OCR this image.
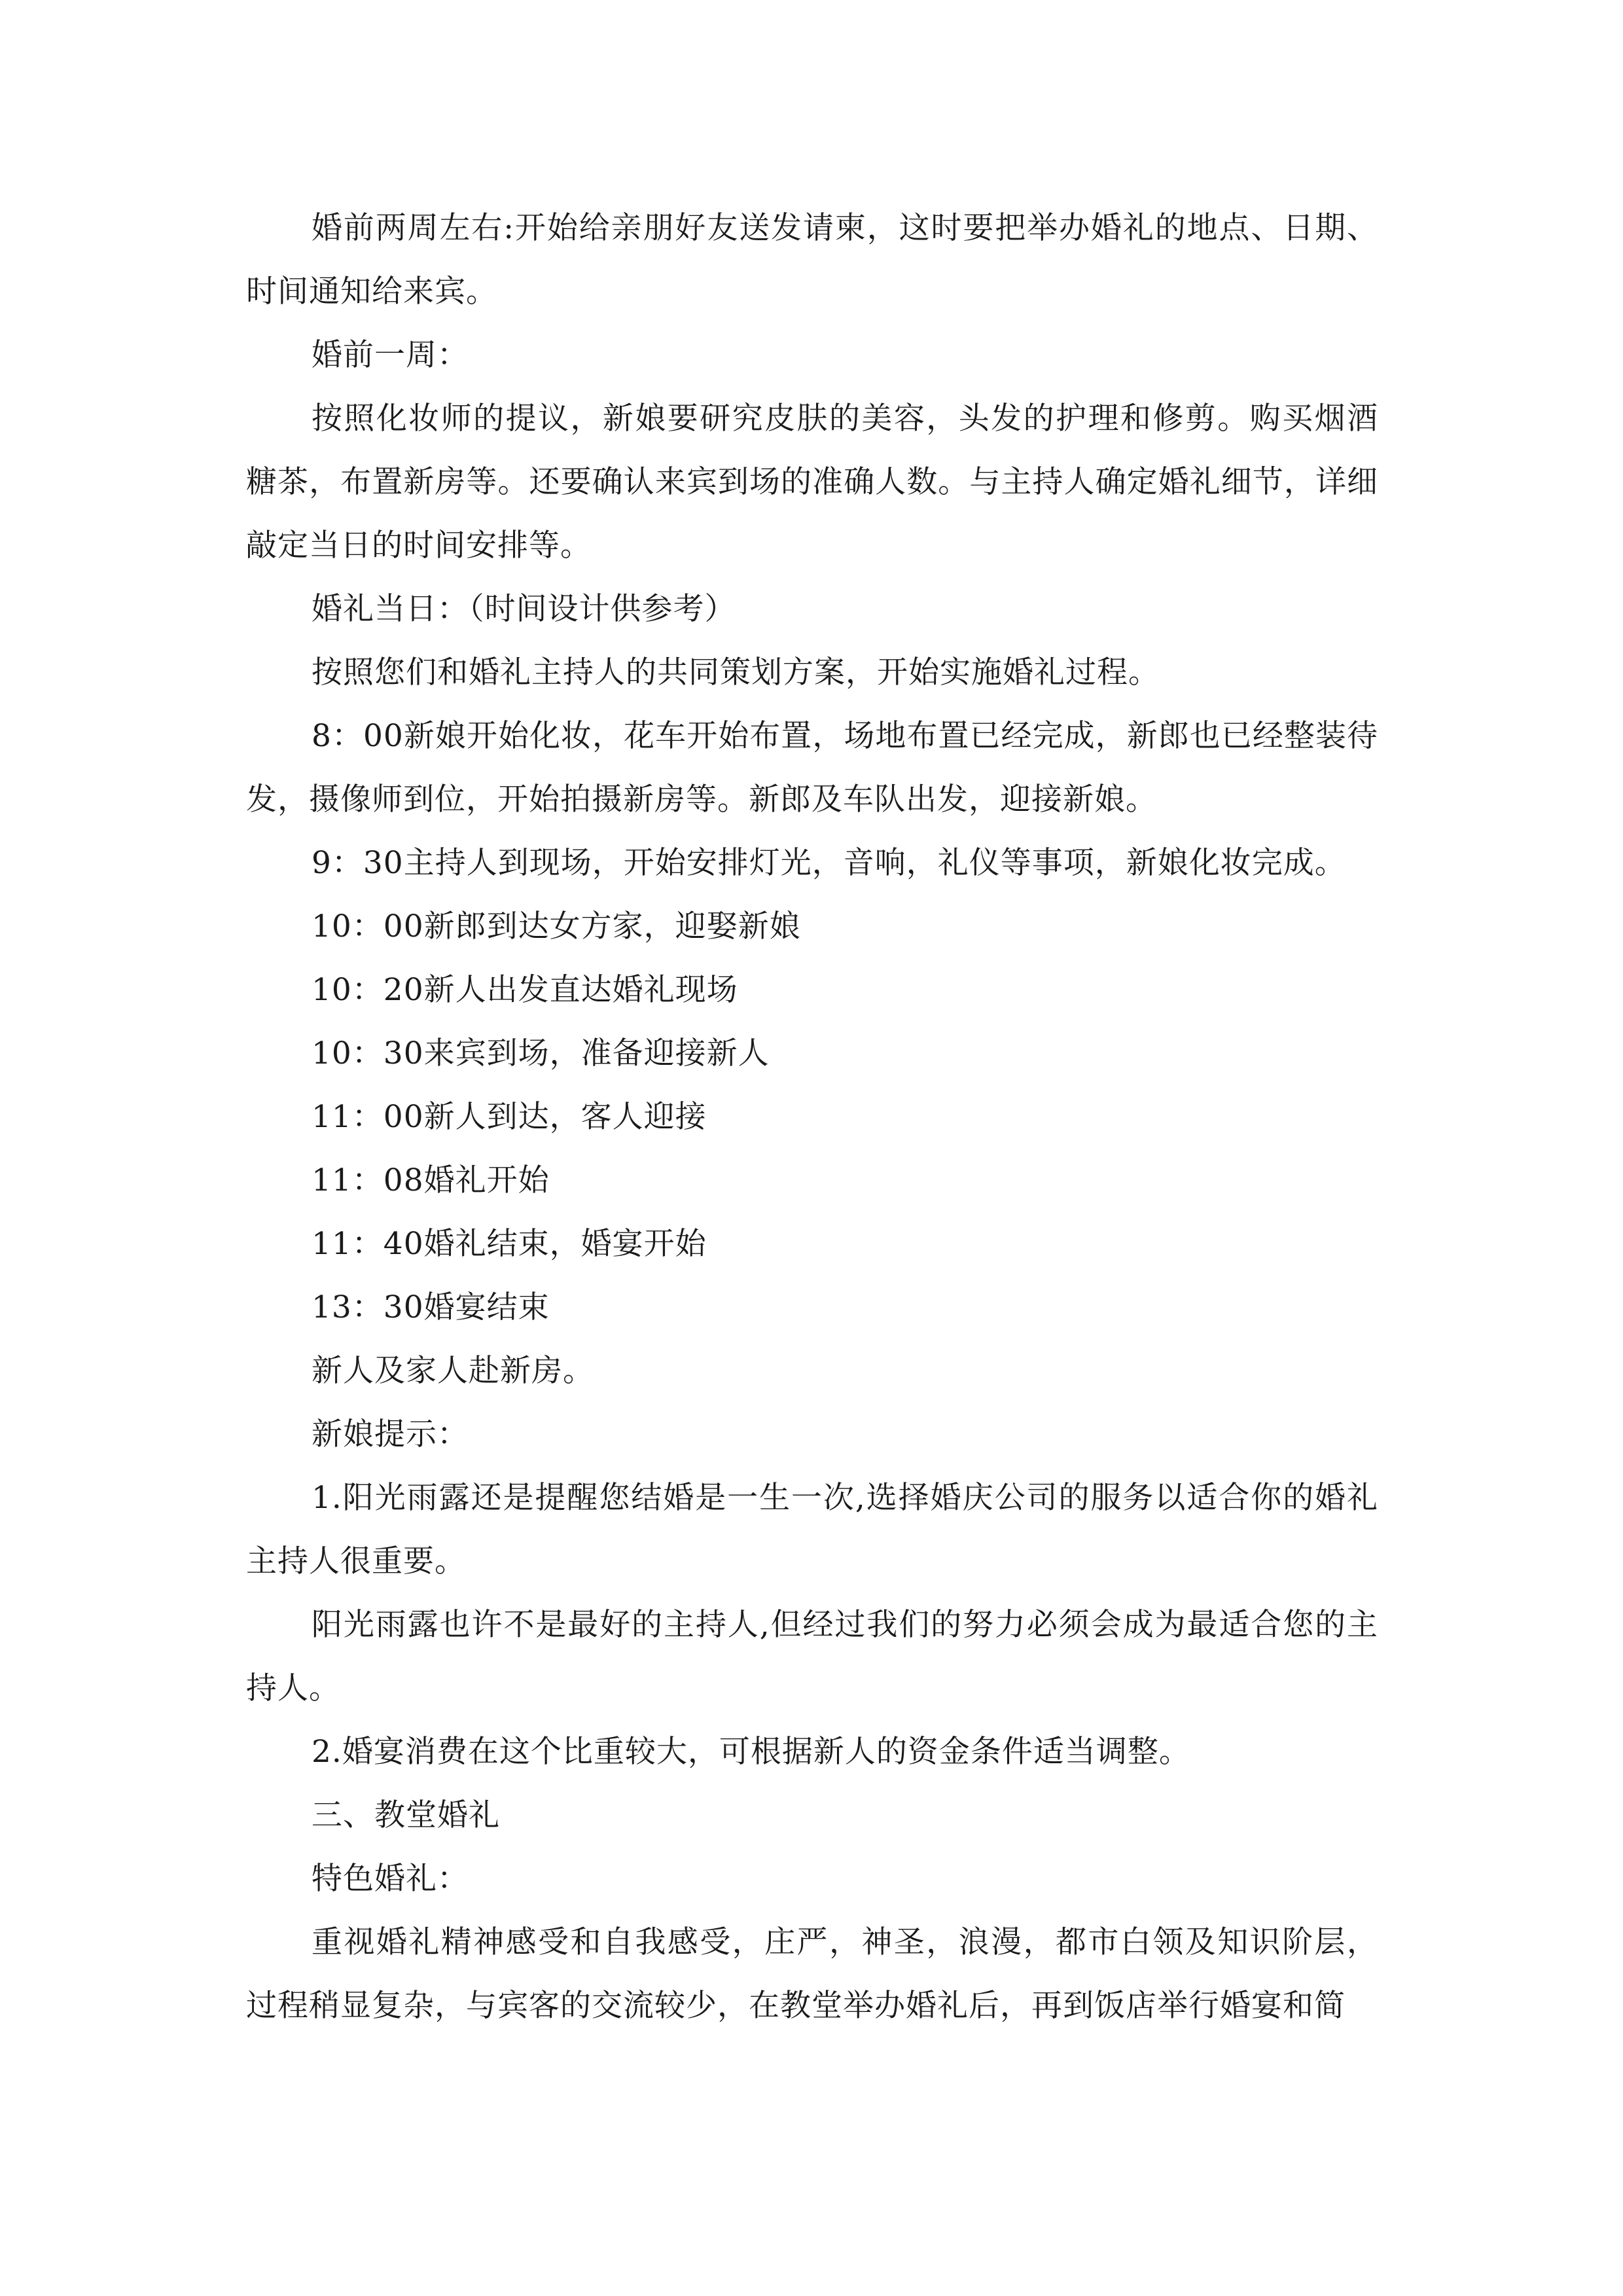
婚前两周左右:开始给亲朋好友送发请柬，这时要把举办婚礼的地点、日期、时间通知给来宾。

婚前一周：

按照化妆师的提议，新娘要研究皮肤的美容，头发的护理和修剪。购买烟酒糖茶，布置新房等。还要确认来宾到场的准确人数。与主持人确定婚礼细节，详细敲定当日的时间安排等。

婚礼当日：（时间设计供参考）

按照您们和婚礼主持人的共同策划方案，开始实施婚礼过程。

8：00新娘开始化妆，花车开始布置，场地布置已经完成，新郎也已经整装待发，摄像师到位，开始拍摄新房等。新郎及车队出发，迎接新娘。

9：30主持人到现场，开始安排灯光，音响，礼仪等事项，新娘化妆完成。

10：00新郎到达女方家，迎娶新娘

10：20新人出发直达婚礼现场

10：30来宾到场，准备迎接新人

11：00新人到达，客人迎接

11：08婚礼开始

11：40婚礼结束，婚宴开始

13：30婚宴结束

新人及家人赴新房。

新娘提示：

1.阳光雨露还是提醒您结婚是一生一次,选择婚庆公司的服务以适合你的婚礼主持人很重要。

阳光雨露也许不是最好的主持人,但经过我们的努力必须会成为最适合您的主持人。

2.婚宴消费在这个比重较大，可根据新人的资金条件适当调整。

三、教堂婚礼

特色婚礼：

重视婚礼精神感受和自我感受，庄严，神圣，浪漫，都市白领及知识阶层，过程稍显复杂，与宾客的交流较少，在教堂举办婚礼后，再到饭店举行婚宴和简
